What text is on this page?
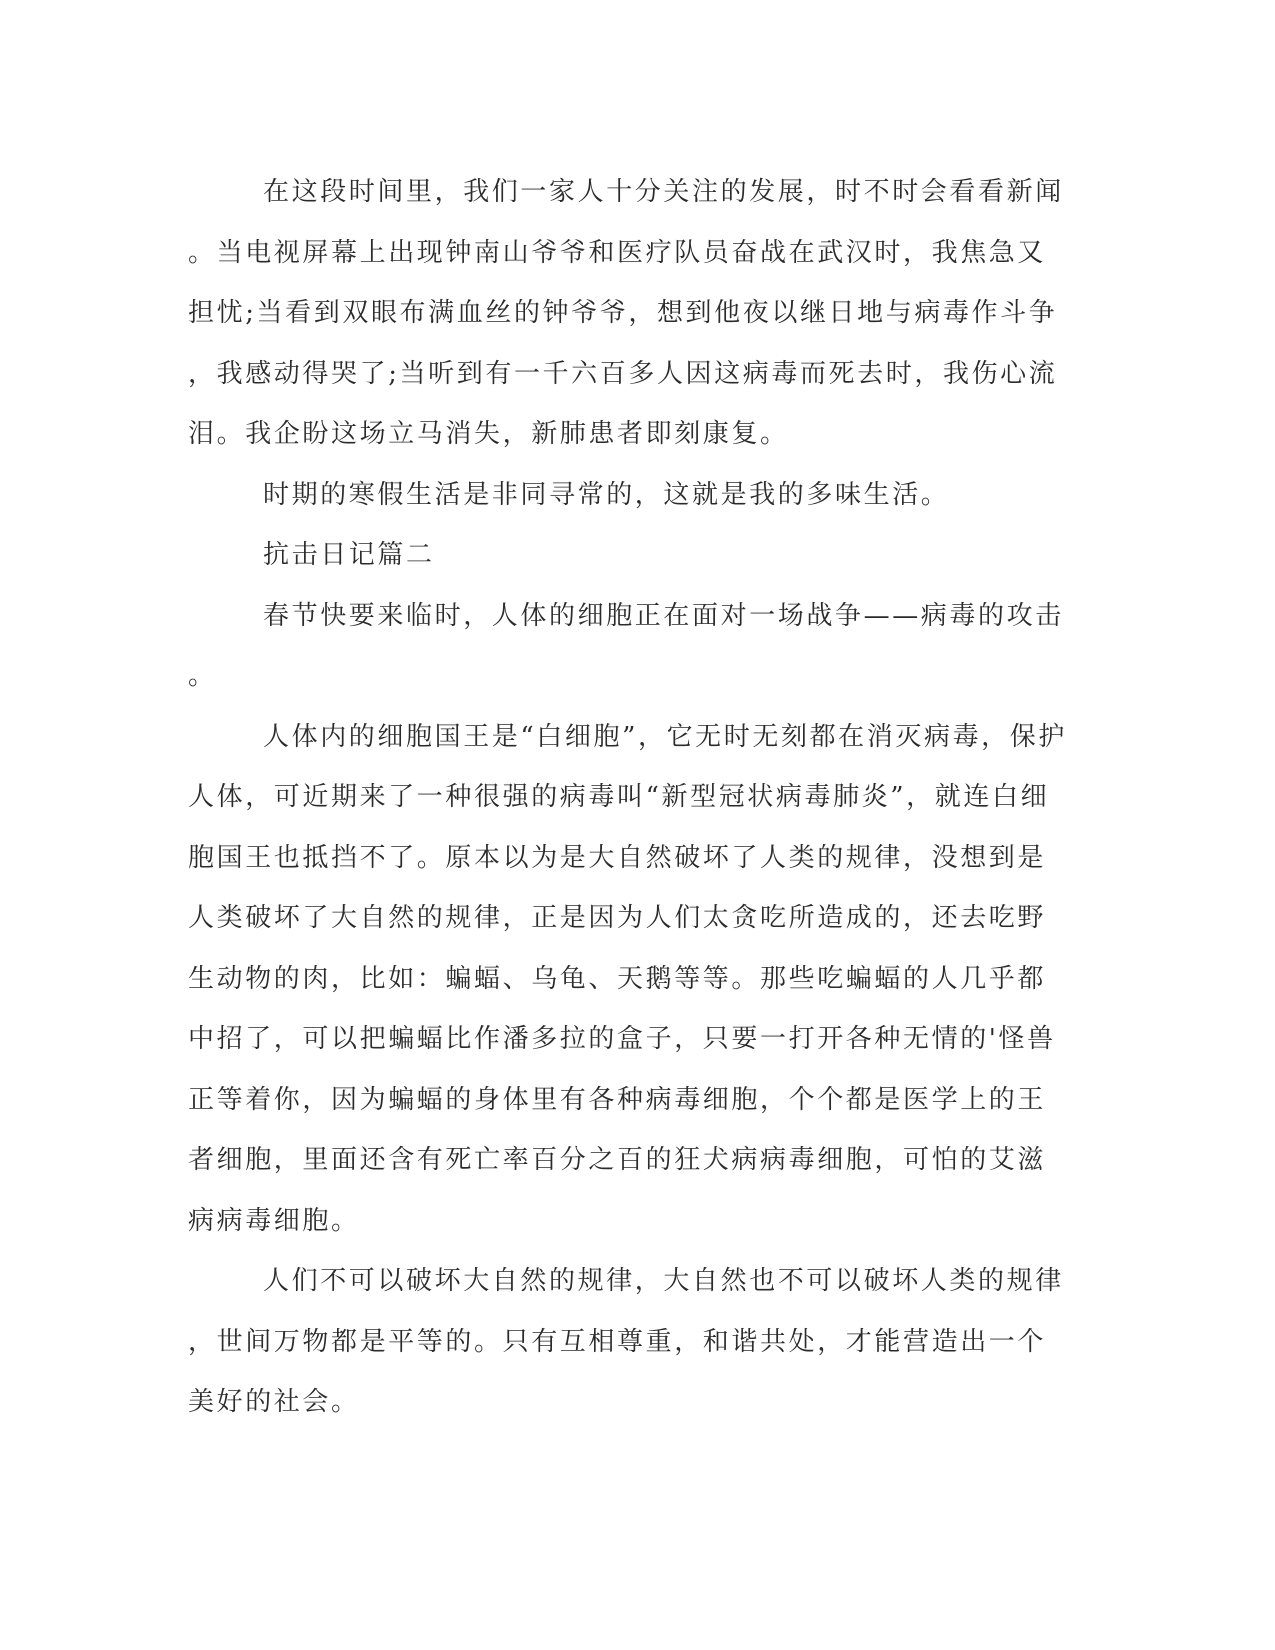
在这段时间里，我们一家人十分关注的发展，时不时会看看新闻
。当电视屏幕上出现钟南山爷爷和医疗队员奋战在武汉时，我焦急又
担忧;当看到双眼布满血丝的钟爷爷，想到他夜以继日地与病毒作斗争
，我感动得哭了;当听到有一千六百多人因这病毒而死去时，我伤心流
泪。我企盼这场立马消失，新肺患者即刻康复。
时期的寒假生活是非同寻常的，这就是我的多味生活。
抗击日记篇二
春节快要来临时，人体的细胞正在面对一场战争——病毒的攻击
。
人体内的细胞国王是“白细胞”，它无时无刻都在消灭病毒，保护
人体，可近期来了一种很强的病毒叫“新型冠状病毒肺炎”，就连白细
胞国王也抵挡不了。原本以为是大自然破坏了人类的规律，没想到是
人类破坏了大自然的规律，正是因为人们太贪吃所造成的，还去吃野
生动物的肉，比如：蝙蝠、乌龟、天鹅等等。那些吃蝙蝠的人几乎都
中招了，可以把蝙蝠比作潘多拉的盒子，只要一打开各种无情的'怪兽
正等着你，因为蝙蝠的身体里有各种病毒细胞，个个都是医学上的王
者细胞，里面还含有死亡率百分之百的狂犬病病毒细胞，可怕的艾滋
病病毒细胞。
人们不可以破坏大自然的规律，大自然也不可以破坏人类的规律
，世间万物都是平等的。只有互相尊重，和谐共处，才能营造出一个
美好的社会。
